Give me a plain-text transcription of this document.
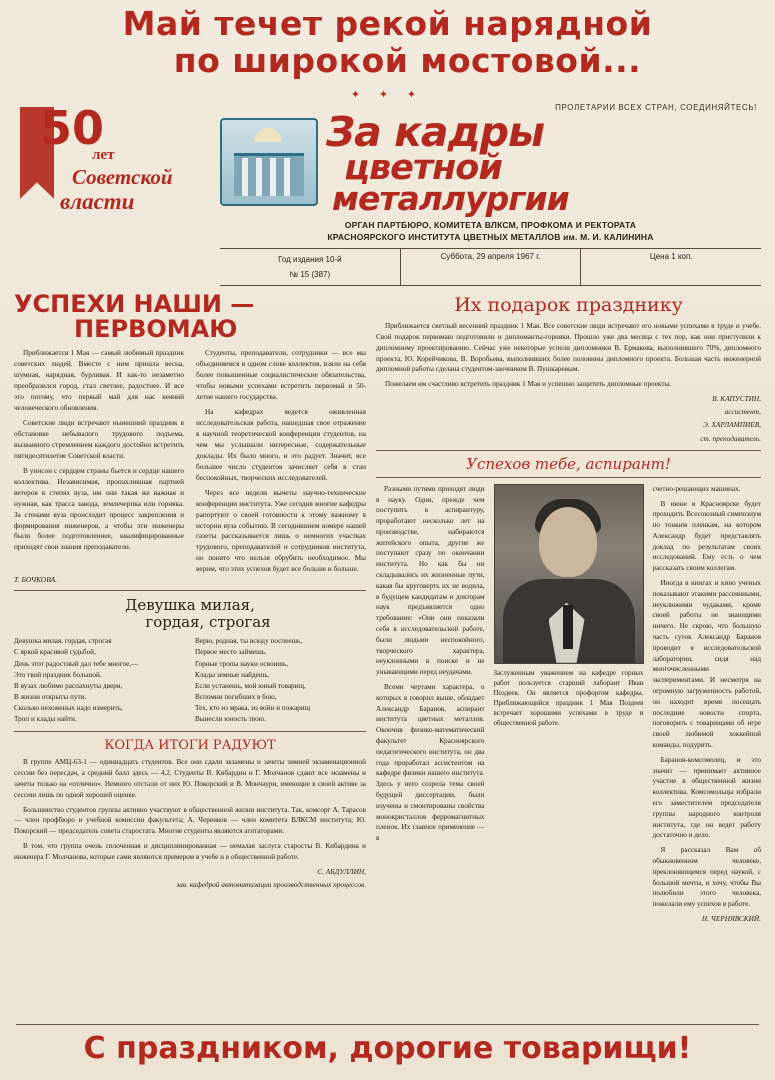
Май течет рекой нарядной
по широкой мостовой...
✦ ✦ ✦
50
лет
Советской
власти
ПРОЛЕТАРИИ ВСЕХ СТРАН, СОЕДИНЯЙТЕСЬ!
За кадры
цветной
металлургии
ОРГАН ПАРТБЮРО, КОМИТЕТА ВЛКСМ, ПРОФКОМА И РЕКТОРАТА
КРАСНОЯРСКОГО ИНСТИТУТА ЦВЕТНЫХ МЕТАЛЛОВ им. М. И. КАЛИНИНА
Год издания 10-й
№ 15 (387)
Суббота, 29 апреля 1967 г.	Цена 1 коп.
УСПЕХИ НАШИ —
ПЕРВОМАЮ

Приближается 1 Мая — самый любимый праздник советских людей. Вместе с ним пришла весна, шумная, нарядная, бурливая. И как-то незаметно преобразился город, стал светлее, радостнее. И все это потому, что первый май для нас веяний человеческого обновления.

Советские люди встречают нынешний праздник в обстановке небывалого трудового подъема, вызванного стремлением каждого достойно встретить пятидесятилетие Советской власти.

В унисон с сердцем страны бьется и сердце нашего коллектива. Независимая, пропахлившая партией ветеров в степях вуза, им они такая же важная и нужная, как трасса завода, землечерпка или горняка. За стенами вуза происходит процесс закрепления и формирования инженеров, а чтобы эти инженеры были более подготовленнее, квалифицированные приходят свои знания преподаватели.

Студенты, преподаватели, сотрудники — все мы объединяемся в одном слове коллектив, взяли на себя более повышенные социалистические обязательства, чтобы новыми успехами встретить первомай и 50-летие нашего государства.

На кафедрах ведется оживленная исследовательская работа, нашедшая свое отражение в научной теоретической конференции студентов, на чем мы услышали интересные, содержательные доклады. Их было много, и это радует. Значит, все большее число студентов зачисляет себя в стан беспокойных, творческих исследователей.

Через все недели вычеты научно-технические конференции института. Уже сегодня многие кафедры рапортуют о своей готовности к этому важному в истории вуза событию. В сегодняшнем номере нашей газеты рассказывается лишь о немногих участках трудового, преподавателей и сотрудников института, но понято что нельзя обрубить необходимое. Мы верим, что этих успехов будет все больше и больше.

Т. БОЧКОВА.
Девушка милая,
гордая, строгая
Девушка милая, гордая, строгая
С яркой красивой судьбой,
День этот радостный дал тебе многое,—
Это твой праздник большой.
В вузах любимо распахнуты двери,
В жизни открыты пути.
Сколько нехоженых надо измерить,
Троп и клады найти.
Верю, родная, ты всюду поспеешь,
Первое место займешь.
Горные тропы науки освоишь,
Клады земные найдешь.
Если устанешь, мой юный товарищ,
Вспомни погибших в бою,
Тех, кто из мрака, из войн и пожарищ
Вынесли юность твою.
КОГДА ИТОГИ РАДУЮТ

В группе АМЦ-63-1 — одиннадцать студентов. Все они сдали экзамены и зачеты зимней экзаменационной сессии без пересдач, а средний балл здесь — 4,2. Студенты В. Кибардин и Г. Молчанов сдают все экзамены и зачеты только на «отлично». Немного отстали от них Ю. Покорский и В. Мончаури, имеющие в своей активе за сессию лишь по одной хорошей оценке.

Большинство студентов группы активно участвуют в общественной жизни института. Так, комсорг А. Тарасов — член профбюро и учебной комиссии факультета; А. Черенков — член комитета ВЛКСМ института; Ю. Покорский — председатель совета старостата. Многие студенты являются агитаторами.

В том, что группа очень сплоченная и дисциплинированная — немалая заслуга старосты В. Кибардина и инженера Г. Молчанова, которые сами являются примером в учебе и в общественной работе.

С. АБДУЛЛИН,
зав. кафедрой автоматизации производственных процессов.
Их подарок празднику

Приближается светлый весенний праздник 1 Мая. Все советские люди встречают его новыми успехами в труде и учебе. Свой подарок первомаю подготовили и дипломанты-горняки. Прошло уже два месяца с тех пор, как они приступили к дипломному проектированию. Сейчас уже некоторые успели дипломники В. Ермакова, выполнившего 70%, дипломного проекта, Ю. Корейчикова, В. Воробьева, выполнивших более половины дипломного проекта. Большая часть инженерной дипломной работы сделана студентом-заочником В. Пушкаревым.

Пожелаем им счастливо встретить праздник 1 Мая и успешно защитить дипломные проекты.

В. КАПУСТИН,
ассистент,
Э. ХАРЛАМПИЕВ,
ст. преподаватель.
Успехов тебе, аспирант!

Разными путями приходят люди в науку. Одни, прежде чем поступить в аспирантуру, проработают несколько лет на производстве, набираются житейского опыта, другие же поступают сразу по окончании института. Но как бы ни складывались их жизненные пути, какая бы круговерть их не водила, в будущем кандидатам и докторам наук предъявляется одно требование: «Они они показали себя в исследовательской работе, были людьми неспокойного, творческого характера, неуклонными в поиске и не унывающими перед неудачами.

Всеми чертами характера, о которых я говорил выше, обладает Александр Баранов, аспирант института цветных металлов. Окончив физико-математический факультет Красноярского педагогического института, он два года проработал ассистентом на кафедре физики нашего института. Здесь у него созрела тема своей будущей диссертации, были изучены и смонтированы свойства монокристаллов ферромагнитных пленок. Их главное применение — в

Заслуженным уважением на кафедре горных работ пользуется старший лаборант Иван Поздеев. Он является профоргом кафедры. Приближающийся праздник 1 Мая Поздеев встречает хорошими успехами в труде и общественной работе.

счетно-решающих машинах.

В июне в Красноярске будет проходить Всесоюзный симпозиум по тонким пленкам, на котором Александр будет представлять доклад по результатам своих исследований. Ему есть о чем рассказать своим коллегам.

Иногда в книгах и кино ученых показывают этакими рассеянными, неуклюжими чудаками, кроме своей работы не знающими ничего. Не скрою, что большую часть суток Александр Баранов проводит в исследовательской лаборатории, сидя над многочисленными экспериментами. И несмотря на огромную загруженность работой, он находит время посещать последние новости спорта, поговорить с товарищами об игре своей любимой хоккейной команды, подурить.

Баранов-комсомолец, и это значит — принимает активное участие в общественной жизни коллектива. Комсомольцы избрали его заместителем председателя группы народного контроля института, где он ведет работу достаточно и дело.

Я рассказал Вам об обыкновенном человеке, преклоняющемся перед наукой, с большой мечты, и хочу, чтобы Вы полюбили этого человека, пожелали ему успехов в работе.

Н. ЧЕРНЯВСКИЙ.
С праздником, дорогие товарищи!
